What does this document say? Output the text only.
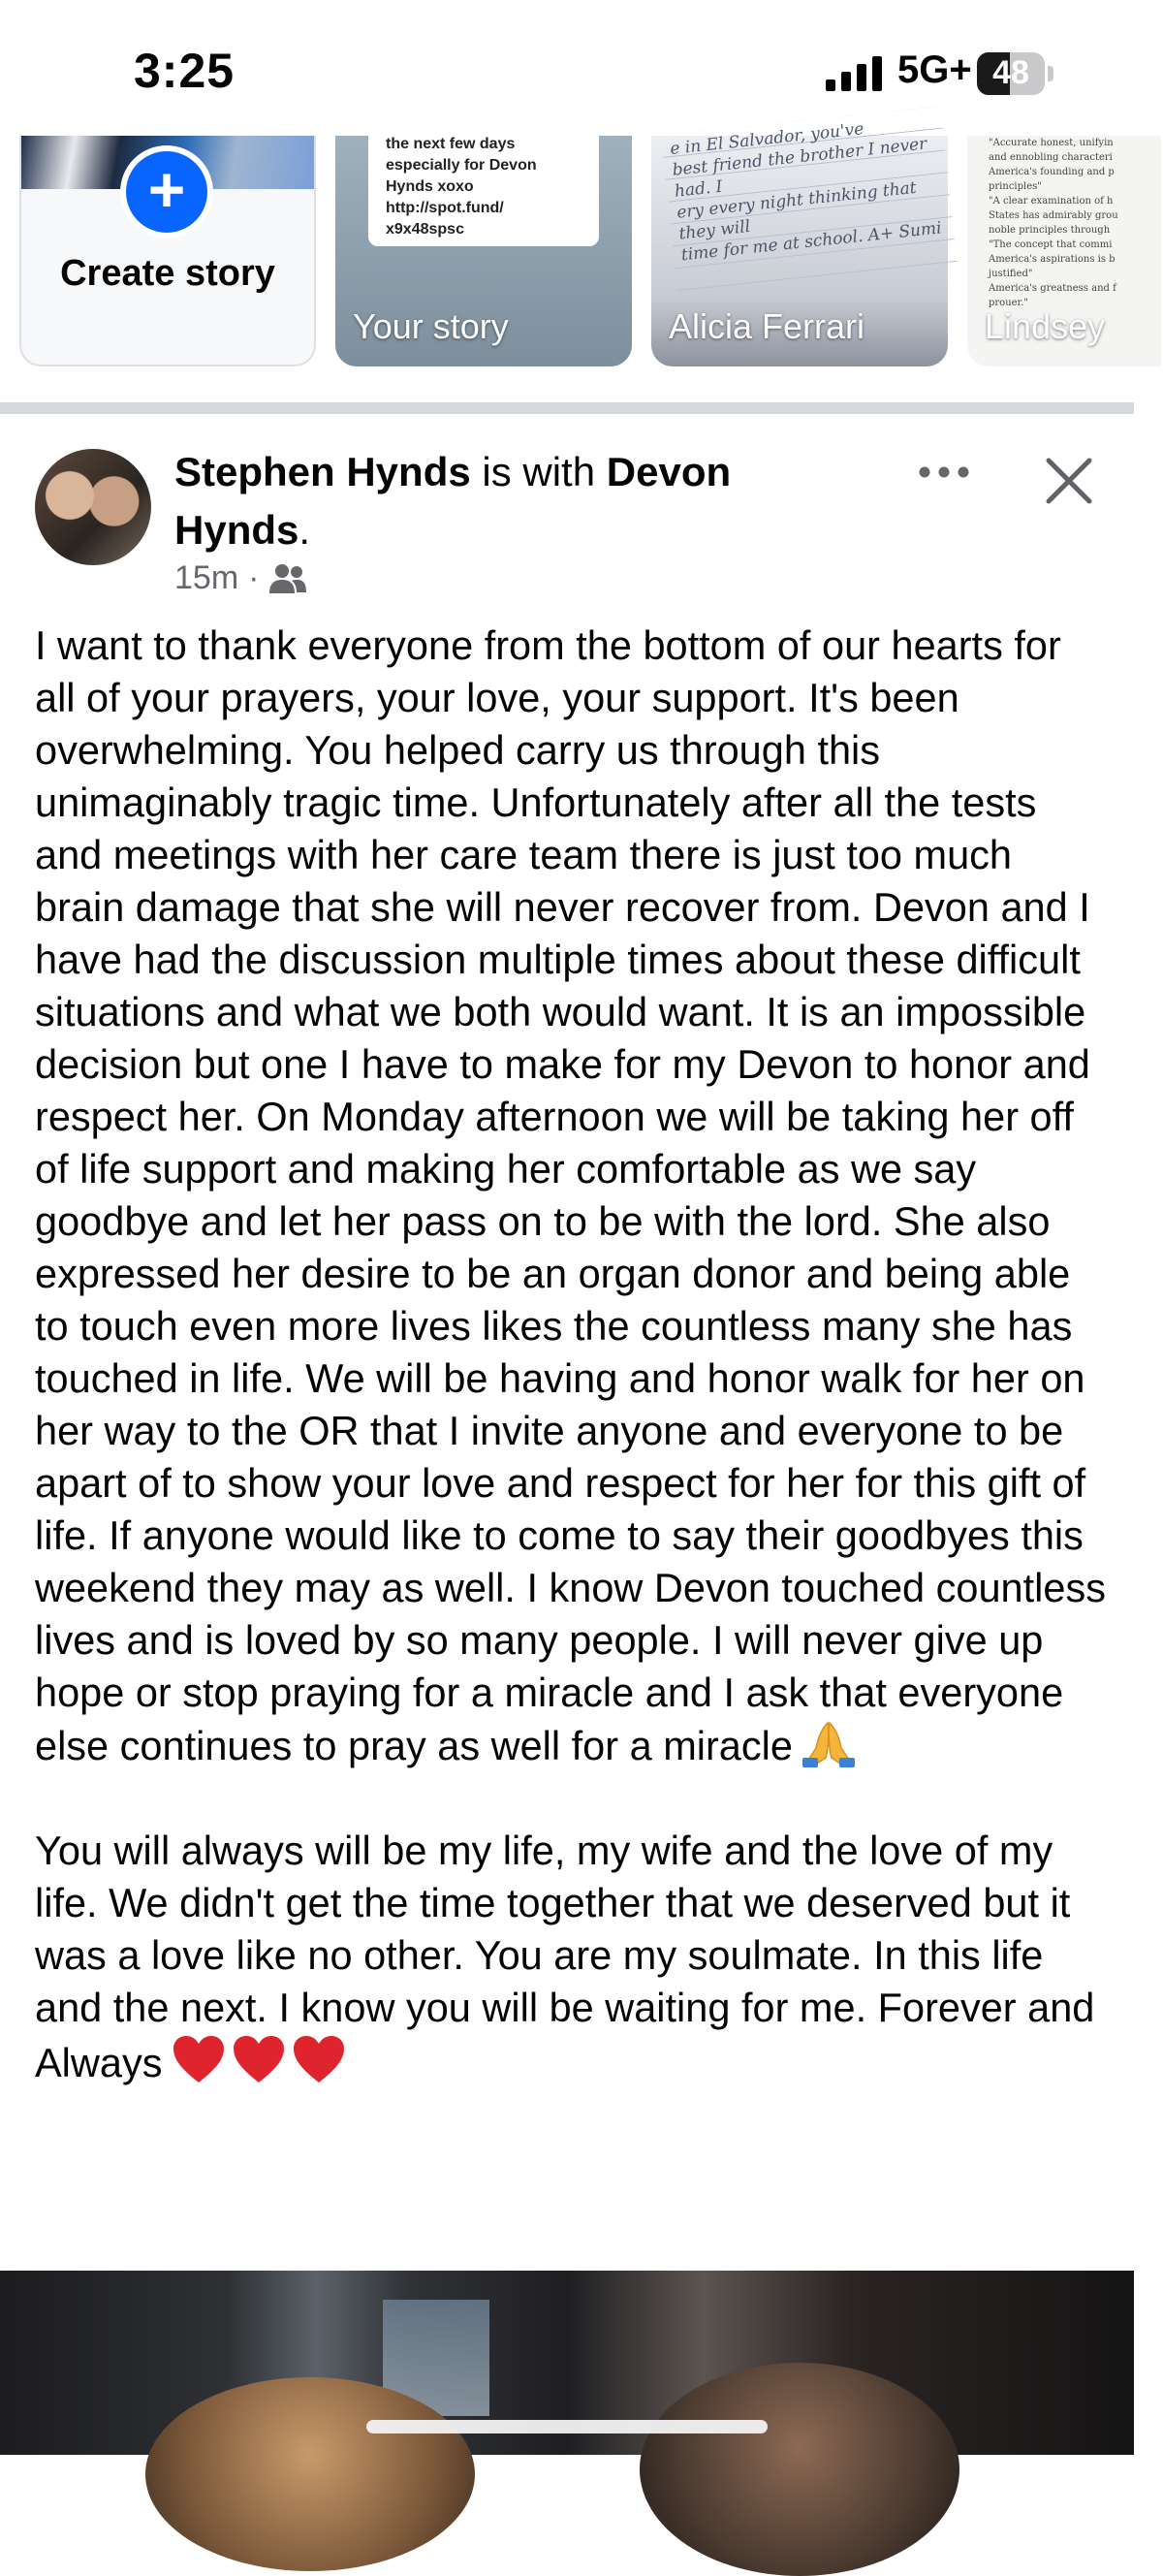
3:25	5G+ 48
+
Create story
the next few days
especially for Devon
Hynds xoxo
http://spot.fund/
x9x48spsc
Your story
e in El Salvador, you've
best friend the brother I never had. I
ery every night thinking that they will
time for me at school. A+ Sumi
Alicia Ferrari
"Accurate honest, unifyin
and ennobling characteri
America's founding and p
principles"
"A clear examination of h
States has admirably grou
noble principles through
"The concept that commi
America's aspirations is b
justified"
America's greatness and f
prouer."
Lindsey
Stephen Hynds is with Devon Hynds.
15m ·

I want to thank everyone from the bottom of our hearts for all of your prayers, your love, your support. It's been overwhelming. You helped carry us through this unimaginably tragic time. Unfortunately after all the tests and meetings with her care team there is just too much brain damage that she will never recover from. Devon and I have had the discussion multiple times about these difficult situations and what we both would want. It is an impossible decision but one I have to make for my Devon to honor and respect her. On Monday afternoon we will be taking her off of life support and making her comfortable as we say goodbye and let her pass on to be with the lord. She also expressed her desire to be an organ donor and being able to touch even more lives likes the countless many she has touched in life. We will be having and honor walk for her on her way to the OR that I invite anyone and everyone to be apart of to show your love and respect for her for this gift of life. If anyone would like to come to say their goodbyes this weekend they may as well. I know Devon touched countless lives and is loved by so many people. I will never give up hope or stop praying for a miracle and I ask that everyone else continues to pray as well for a miracle

You will always will be my life, my wife and the love of my life. We didn't get the time together that we deserved but it was a love like no other. You are my soulmate. In this life and the next. I know you will be waiting for me. Forever and Always
